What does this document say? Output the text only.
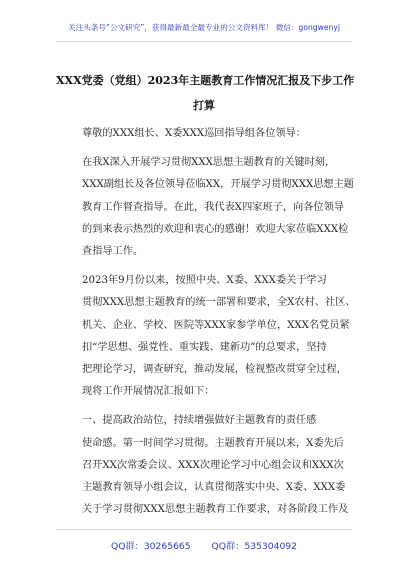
关注头条号“公文研究”，获得最新最全最专业的公文资料库！ 微信：gongwenyj
XXX党委（党组）2023年主题教育工作情况汇报及下步工作
打算

尊敬的XXX组长、X委XXX巡回指导组各位领导：

在我X深入开展学习贯彻XXX思想主题教育的关键时刻，
XXX副组长及各位领导莅临XX，开展学习贯彻XXX思想主题
教育工作督查指导。在此，我代表X四家班子，向各位领导
的到来表示热烈的欢迎和衷心的感谢！欢迎大家莅临XXX检
查指导工作。

2023年9月份以来，按照中央、X委、XXX委关于学习
贯彻XXX思想主题教育的统一部署和要求，全X农村、社区、
机关、企业、学校、医院等XXX家参学单位，XXX名党员紧
扣“学思想、强党性、重实践、建新功”的总要求，坚持
把理论学习，调查研究，推动发展，检视整改贯穿全过程，
现将工作开展情况汇报如下：

一、提高政治站位，持续增强做好主题教育的责任感
使命感。第一时间学习贯彻。主题教育开展以来，X委先后
召开XX次常委会议、XXX次理论学习中心组会议和XXX次
主题教育领导小组会议，认真贯彻落实中央、X委、XXX委
关于学习贯彻XXX思想主题教育工作要求，对各阶段工作及

QQ群：30265665 QQ群：535304092
